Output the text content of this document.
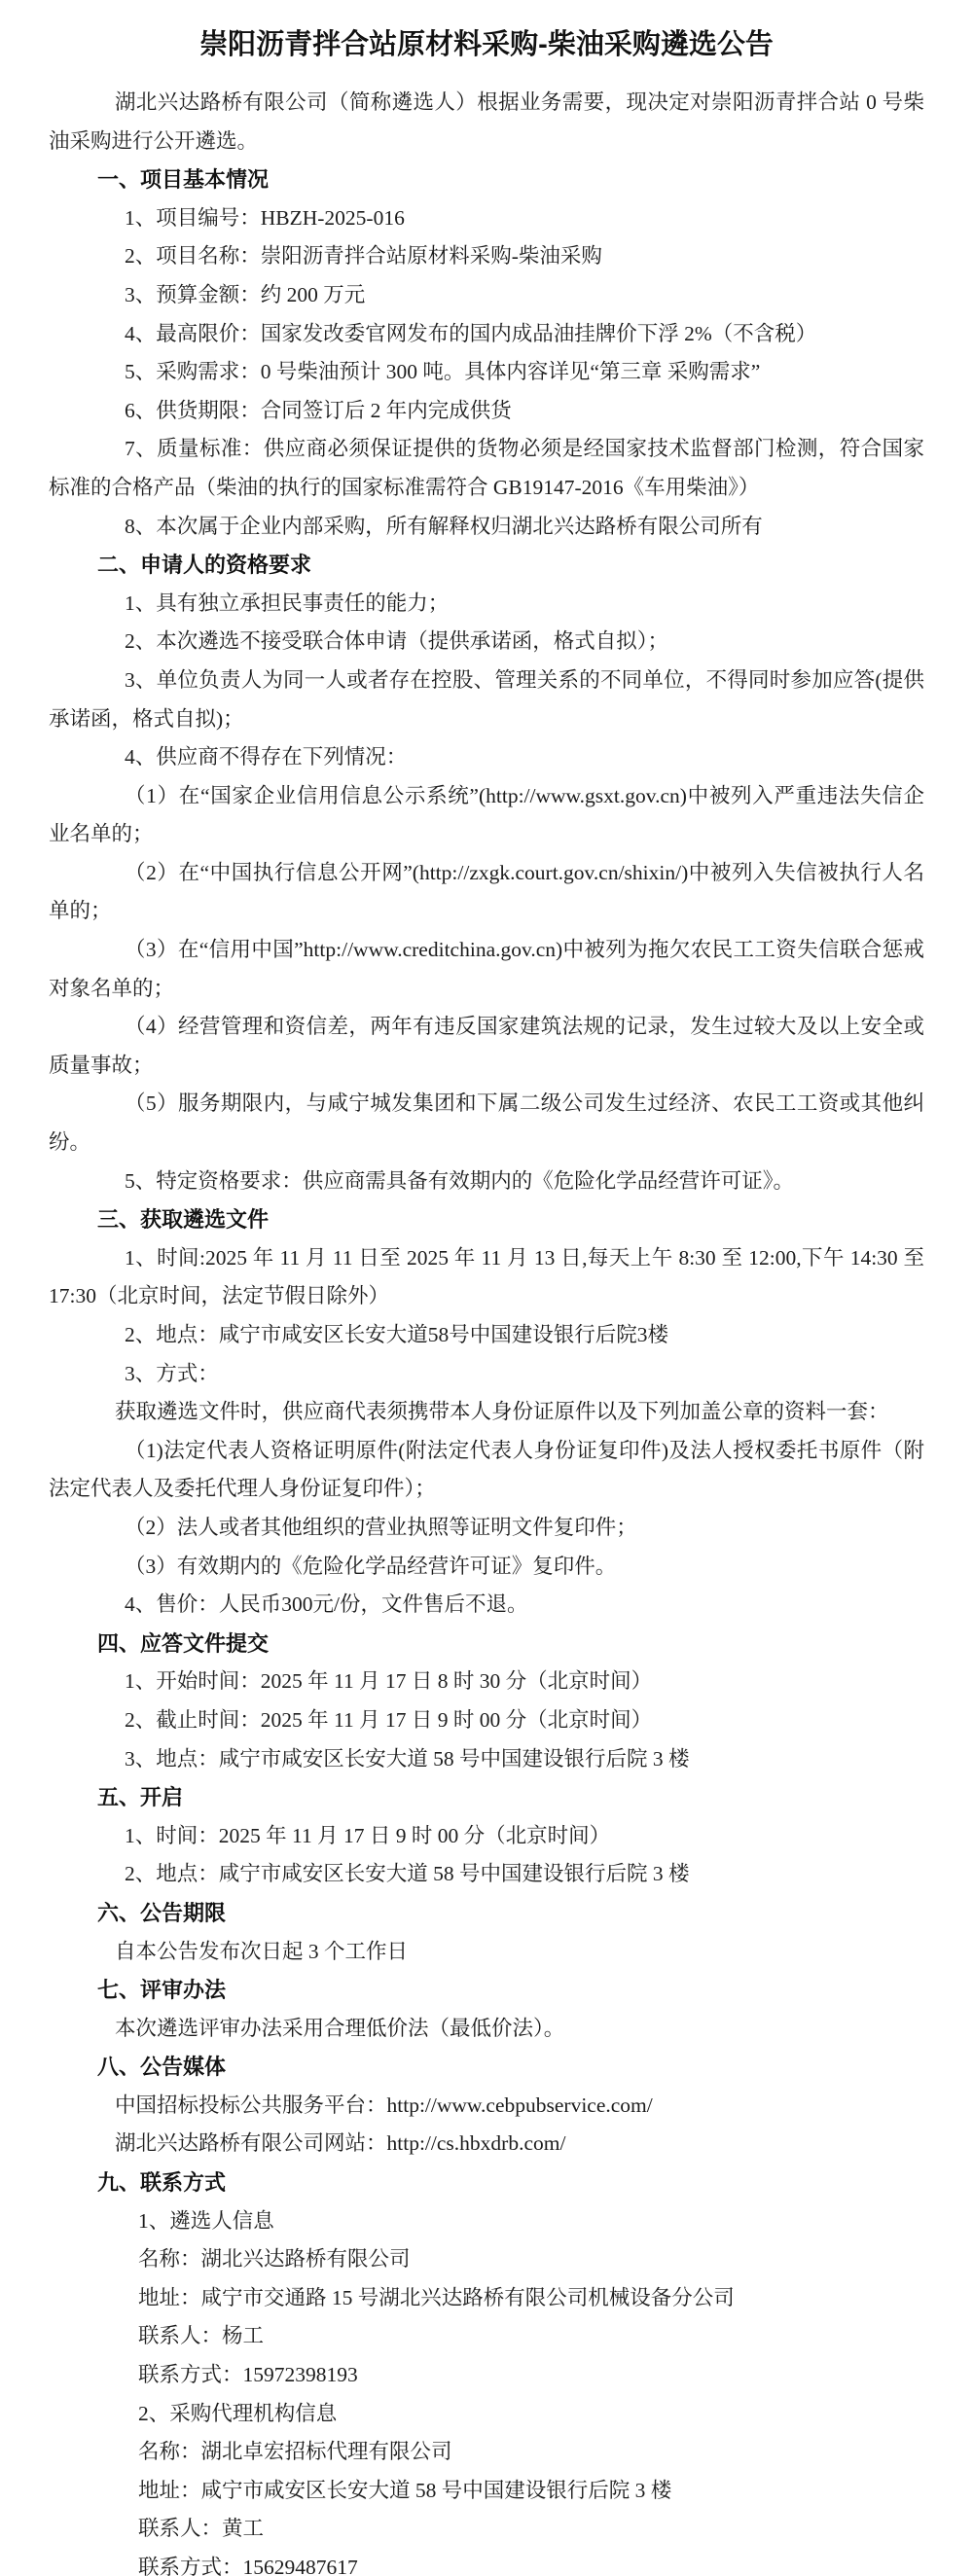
崇阳沥青拌合站原材料采购-柴油采购遴选公告

湖北兴达路桥有限公司（简称遴选人）根据业务需要，现决定对崇阳沥青拌合站 0 号柴油采购进行公开遴选。

一、项目基本情况

1、项目编号：HBZH-2025-016

2、项目名称：崇阳沥青拌合站原材料采购-柴油采购

3、预算金额：约 200 万元

4、最高限价：国家发改委官网发布的国内成品油挂牌价下浮 2%（不含税）

5、采购需求：0 号柴油预计 300 吨。具体内容详见“第三章 采购需求”

6、供货期限：合同签订后 2 年内完成供货

7、质量标准：供应商必须保证提供的货物必须是经国家技术监督部门检测，符合国家标准的合格产品（柴油的执行的国家标准需符合 GB19147-2016《车用柴油》）

8、本次属于企业内部采购，所有解释权归湖北兴达路桥有限公司所有

二、申请人的资格要求

1、具有独立承担民事责任的能力；

2、本次遴选不接受联合体申请（提供承诺函，格式自拟）；

3、单位负责人为同一人或者存在控股、管理关系的不同单位，不得同时参加应答(提供承诺函，格式自拟)；

4、供应商不得存在下列情况：

（1）在“国家企业信用信息公示系统”(http://www.gsxt.gov.cn)中被列入严重违法失信企业名单的；

（2）在“中国执行信息公开网”(http://zxgk.court.gov.cn/shixin/)中被列入失信被执行人名单的；

（3）在“信用中国”http://www.creditchina.gov.cn)中被列为拖欠农民工工资失信联合惩戒对象名单的；

（4）经营管理和资信差，两年有违反国家建筑法规的记录，发生过较大及以上安全或质量事故；

（5）服务期限内，与咸宁城发集团和下属二级公司发生过经济、农民工工资或其他纠纷。

5、特定资格要求：供应商需具备有效期内的《危险化学品经营许可证》。

三、获取遴选文件

1、时间:2025 年 11 月 11 日至 2025 年 11 月 13 日,每天上午 8:30 至 12:00,下午 14:30 至 17:30（北京时间，法定节假日除外）

2、地点：咸宁市咸安区长安大道58号中国建设银行后院3楼

3、方式：

获取遴选文件时，供应商代表须携带本人身份证原件以及下列加盖公章的资料一套：

（1)法定代表人资格证明原件(附法定代表人身份证复印件)及法人授权委托书原件（附法定代表人及委托代理人身份证复印件）；

（2）法人或者其他组织的营业执照等证明文件复印件；

（3）有效期内的《危险化学品经营许可证》复印件。

4、售价：人民币300元/份，文件售后不退。

四、应答文件提交

1、开始时间：2025 年 11 月 17 日 8 时 30 分（北京时间）

2、截止时间：2025 年 11 月 17 日 9 时 00 分（北京时间）

3、地点：咸宁市咸安区长安大道 58 号中国建设银行后院 3 楼

五、开启

1、时间：2025 年 11 月 17 日 9 时 00 分（北京时间）

2、地点：咸宁市咸安区长安大道 58 号中国建设银行后院 3 楼

六、公告期限

自本公告发布次日起 3 个工作日

七、评审办法

本次遴选评审办法采用合理低价法（最低价法）。

八、公告媒体

中国招标投标公共服务平台：http://www.cebpubservice.com/

湖北兴达路桥有限公司网站：http://cs.hbxdrb.com/

九、联系方式

1、遴选人信息

名称：湖北兴达路桥有限公司

地址：咸宁市交通路 15 号湖北兴达路桥有限公司机械设备分公司

联系人：杨工

联系方式：15972398193

2、采购代理机构信息

名称：湖北卓宏招标代理有限公司

地址：咸宁市咸安区长安大道 58 号中国建设银行后院 3 楼

联系人：黄工

联系方式：15629487617
